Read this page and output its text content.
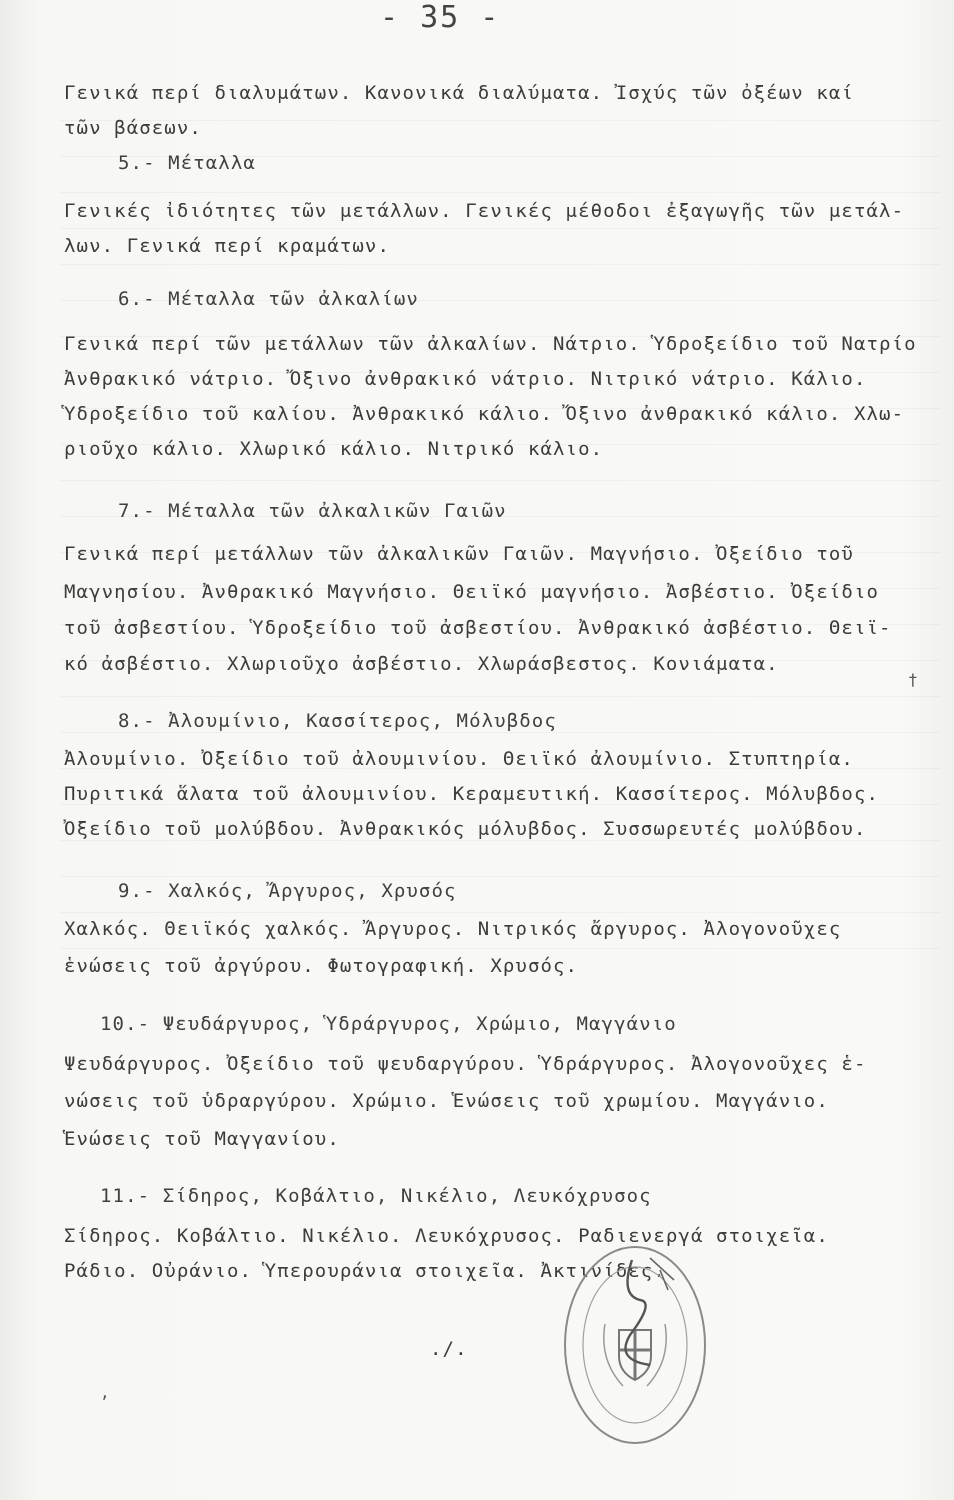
- 35 -
Γενικά περί διαλυμάτων. Κανονικά διαλύματα. Ἰσχύς τῶν ὀξέων καί
τῶν βάσεων.
5.- Μέταλλα
Γενικές ἰδιότητες τῶν μετάλλων. Γενικές μέθοδοι ἐξαγωγῆς τῶν μετάλ-
λων. Γενικά περί κραμάτων.
6.- Μέταλλα τῶν ἀλκαλίων
Γενικά περί τῶν μετάλλων τῶν ἀλκαλίων. Νάτριο. Ὑδροξείδιο τοῦ Νατρίο
Ἀνθρακικό νάτριο. Ὄξινο ἀνθρακικό νάτριο. Νιτρικό νάτριο. Κάλιο.
Ὑδροξείδιο τοῦ καλίου. Ἀνθρακικό κάλιο. Ὄξινο ἀνθρακικό κάλιο. Χλω-
ριοῦχο κάλιο. Χλωρικό κάλιο. Νιτρικό κάλιο.
7.- Μέταλλα τῶν ἀλκαλικῶν Γαιῶν
Γενικά περί μετάλλων τῶν ἀλκαλικῶν Γαιῶν. Μαγνήσιο. Ὀξείδιο τοῦ
Μαγνησίου. Ἀνθρακικό Μαγνήσιο. Θειϊκό μαγνήσιο. Ἀσβέστιο. Ὀξείδιο
τοῦ ἀσβεστίου. Ὑδροξείδιο τοῦ ἀσβεστίου. Ἀνθρακικό ἀσβέστιο. Θειϊ-
κό ἀσβέστιο. Χλωριοῦχο ἀσβέστιο. Χλωράσβεστος. Κονιάματα.
8.- Ἀλουμίνιο, Κασσίτερος, Μόλυβδος
Ἀλουμίνιο. Ὀξείδιο τοῦ ἀλουμινίου. Θειϊκό ἀλουμίνιο. Στυπτηρία.
Πυριτικά ἅλατα τοῦ ἀλουμινίου. Κεραμευτική. Κασσίτερος. Μόλυβδος.
Ὀξείδιο τοῦ μολύβδου. Ἀνθρακικός μόλυβδος. Συσσωρευτές μολύβδου.
9.- Χαλκός, Ἄργυρος, Χρυσός
Χαλκός. Θειϊκός χαλκός. Ἄργυρος. Νιτρικός ἄργυρος. Ἀλογονοῦχες
ἑνώσεις τοῦ ἀργύρου. Φωτογραφική. Χρυσός.
10.- Ψευδάργυρος, Ὑδράργυρος, Χρώμιο, Μαγγάνιο
Ψευδάργυρος. Ὀξείδιο τοῦ ψευδαργύρου. Ὑδράργυρος. Ἀλογονοῦχες ἑ-
νώσεις τοῦ ὑδραργύρου. Χρώμιο. Ἑνώσεις τοῦ χρωμίου. Μαγγάνιο.
Ἑνώσεις τοῦ Μαγγανίου.
11.- Σίδηρος, Κοβάλτιο, Νικέλιο, Λευκόχρυσος
Σίδηρος. Κοβάλτιο. Νικέλιο. Λευκόχρυσος. Ραδιενεργά στοιχεῖα.
Ράδιο. Οὐράνιο. Ὑπερουράνια στοιχεῖα. Ἀκτινίδες.
./.
,
†
